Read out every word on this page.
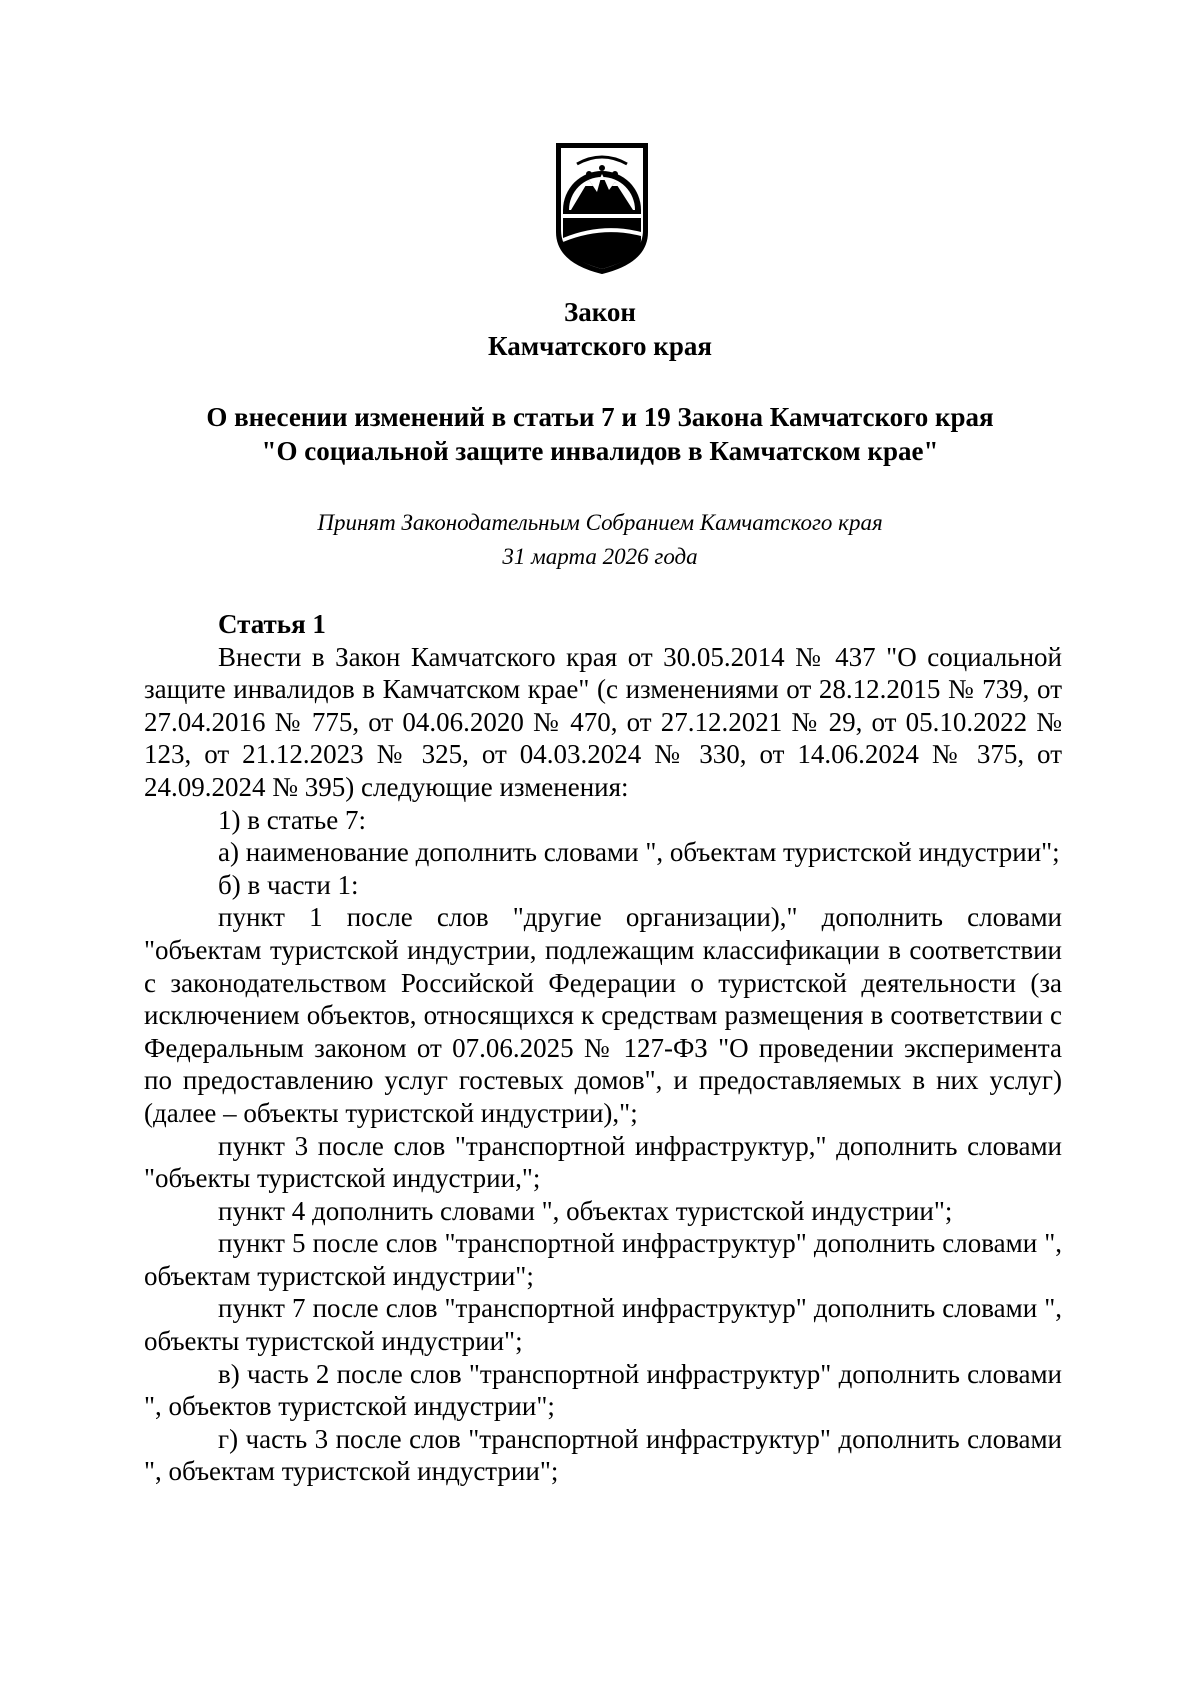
Закон
Камчатского края
О внесении изменений в статьи 7 и 19 Закона Камчатского края
"О социальной защите инвалидов в Камчатском крае"
Принят Законодательным Собранием Камчатского края
31 марта 2026 года

Статья 1

Внести в Закон Камчатского края от 30.05.2014 № 437 "О социальной защите инвалидов в Камчатском крае" (с изменениями от 28.12.2015 № 739, от 27.04.2016 № 775, от 04.06.2020 № 470, от 27.12.2021 № 29, от 05.10.2022 № 123, от 21.12.2023 № 325, от 04.03.2024 № 330, от 14.06.2024 № 375, от 24.09.2024 № 395) следующие изменения:

1) в статье 7:

а) наименование дополнить словами ", объектам туристской индустрии";

б) в части 1:

пункт 1 после слов "другие организации)," дополнить словами "объектам туристской индустрии, подлежащим классификации в соответствии с законодательством Российской Федерации о туристской деятельности (за исключением объектов, относящихся к средствам размещения в соответствии с Федеральным законом от 07.06.2025 № 127-ФЗ "О проведении эксперимента по предоставлению услуг гостевых домов", и предоставляемых в них услуг) (далее – объекты туристской индустрии),";

пункт 3 после слов "транспортной инфраструктур," дополнить словами "объекты туристской индустрии,";

пункт 4 дополнить словами ", объектах туристской индустрии";

пункт 5 после слов "транспортной инфраструктур" дополнить словами ", объектам туристской индустрии";

пункт 7 после слов "транспортной инфраструктур" дополнить словами ", объекты туристской индустрии";

в) часть 2 после слов "транспортной инфраструктур" дополнить словами ", объектов туристской индустрии";

г) часть 3 после слов "транспортной инфраструктур" дополнить словами ", объектам туристской индустрии";
